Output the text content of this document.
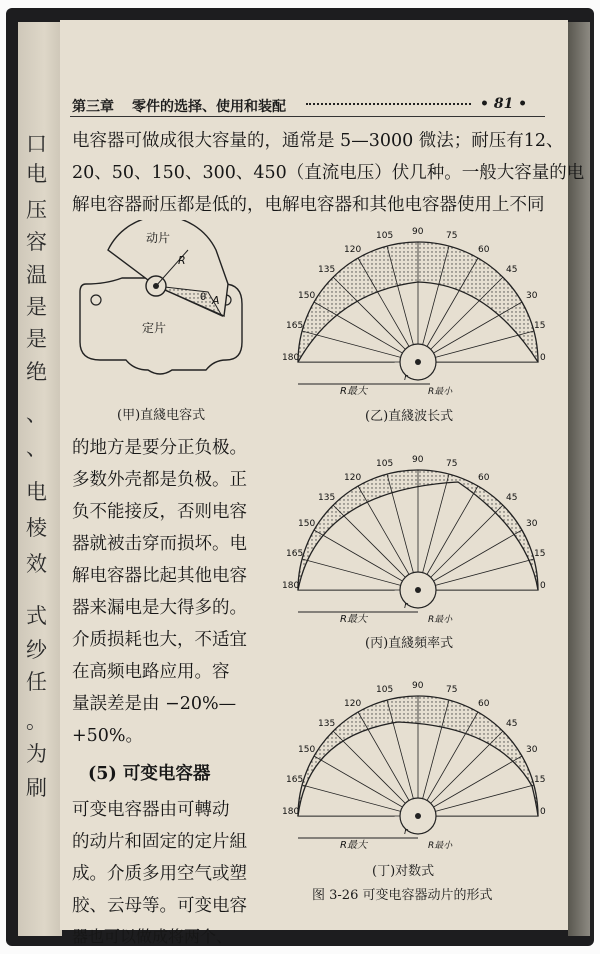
口
电
压
容
温
是
是
绝
、
、
电
棱
效
式
纱
任
。
为
刷
第三章 零件的选择、使用和装配	• 81 •
电容器可做成很大容量的，通常是 5—3000 微法；耐压有12、
20、50、150、300、450（直流电压）伏几种。一般大容量的电
解电容器耐压都是低的，电解电容器和其他电容器使用上不同
的地方是要分正负极。
多数外壳都是负极。正
负不能接反，否则电容
器就被击穿而损坏。电
解电容器比起其他电容
器来漏电是大得多的。
介质损耗也大，不适宜
在高频电路应用。容
量誤差是由 −20%—
+50%。
(5) 可变电容器
可变电容器由可轉动
的动片和固定的定片組
成。介质多用空气或塑
胶、云母等。可变电容
器也可以做成将两个、
动片
R
θ A
定片
(甲)直綫电容式
180
165
150
135
120
105 90	75
60
45
30
15
0
R最大
r
R最小
(乙)直綫波长式
180
165
150
135
120
105 90	75
60
45
30
15
0
R最大
r
R最小
(丙)直綫頻率式
180
165
150
135
120
105 90	75
60
45
30
15
0
R最大
r
R最小
(丁)对数式
图 3-26 可变电容器动片的形式
